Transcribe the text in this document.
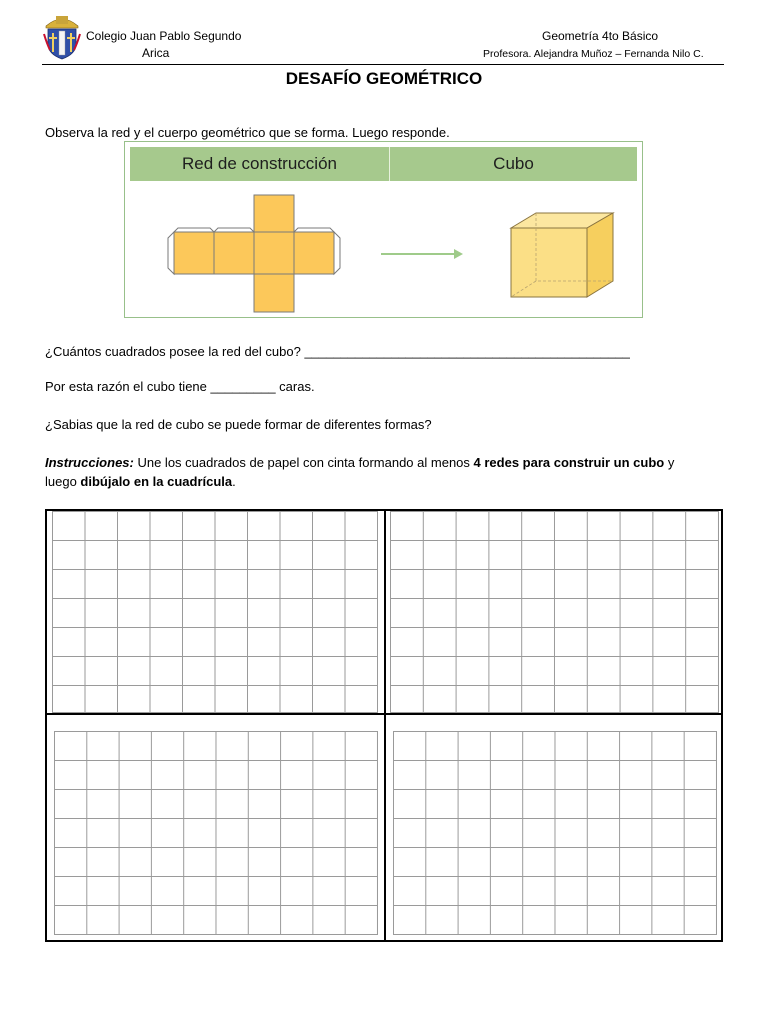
Colegio Juan Pablo Segundo
Arica
Geometría 4to Básico
Profesora. Alejandra Muñoz – Fernanda Nilo C.
DESAFÍO GEOMÉTRICO
Observa la red y el cuerpo geométrico que se forma. Luego responde.
Red de construcción	Cubo
¿Cuántos cuadrados posee la red del cubo? _____________________________________________
Por esta razón el cubo tiene _________ caras.
¿Sabias que la red de cubo se puede formar de diferentes formas?
Instrucciones: Une los cuadrados de papel con cinta formando al menos 4 redes para construir un cubo y
luego dibújalo en la cuadrícula.
